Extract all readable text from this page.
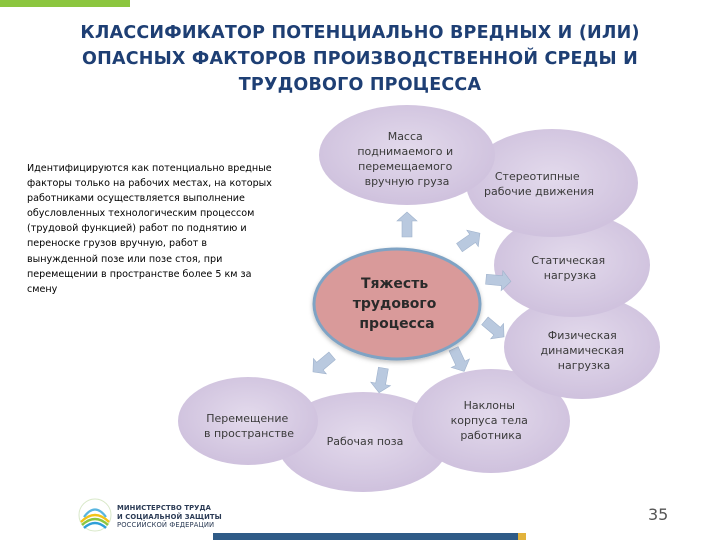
КЛАССИФИКАТОР ПОТЕНЦИАЛЬНО ВРЕДНЫХ И (ИЛИ)
ОПАСНЫХ ФАКТОРОВ ПРОИЗВОДСТВЕННОЙ СРЕДЫ И
ТРУДОВОГО ПРОЦЕССА
Идентифицируются как потенциально вредные факторы только на рабочих местах, на которых работниками осуществляется выполнение обусловленных технологическим процессом (трудовой функцией) работ по поднятию и переноске грузов вручную, работ в вынужденной позе или позе стоя, при перемещении в пространстве более 5 км за смену	Тяжесть трудового процесса
Масса поднимаемого и перемещаемого вручную груза	Стереотипные рабочие движения
Статическая нагрузка
Физическая динамическая нагрузка
Наклоны корпуса тела работника
Рабочая поза
Перемещение в пространстве
МИНИСТЕРСТВО ТРУДА
И СОЦИАЛЬНОЙ ЗАЩИТЫ
РОССИЙСКОЙ ФЕДЕРАЦИИ
35
